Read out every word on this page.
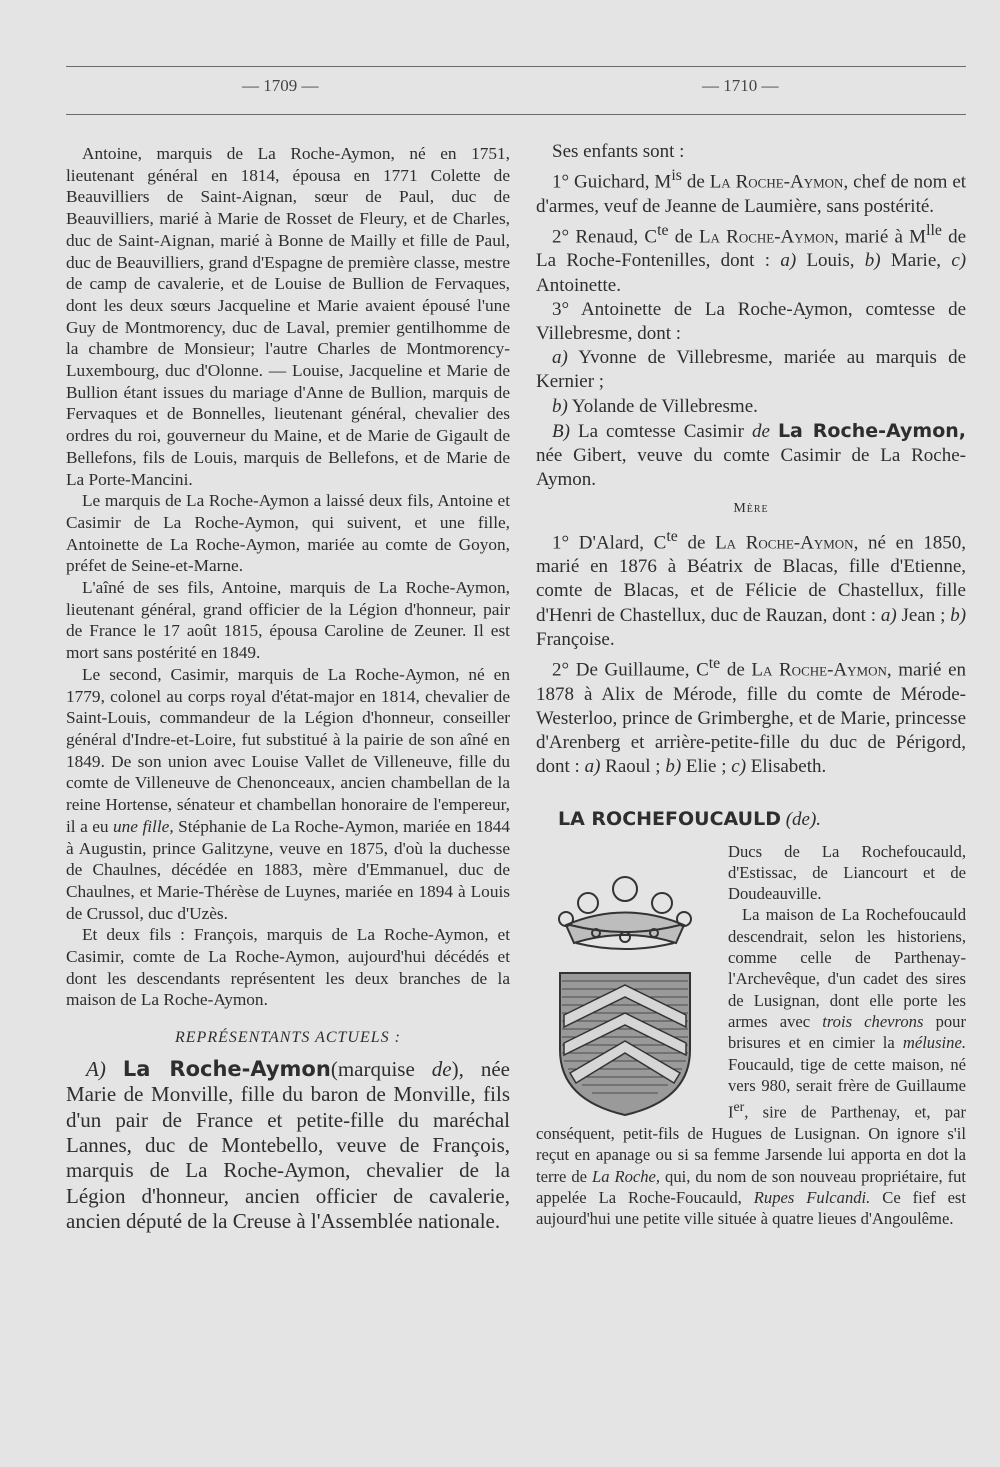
— 1709 —	— 1710 —

Antoine, marquis de La Roche-Aymon, né en 1751, lieutenant général en 1814, épousa en 1771 Colette de Beauvilliers de Saint-Aignan, sœur de Paul, duc de Beauvilliers, marié à Marie de Rosset de Fleury, et de Charles, duc de Saint-Aignan, marié à Bonne de Mailly et fille de Paul, duc de Beauvilliers, grand d'Espagne de première classe, mestre de camp de cavalerie, et de Louise de Bullion de Fervaques, dont les deux sœurs Jacqueline et Marie avaient épousé l'une Guy de Montmorency, duc de Laval, premier gentilhomme de la chambre de Monsieur; l'autre Charles de Montmorency-Luxembourg, duc d'Olonne. — Louise, Jacqueline et Marie de Bullion étant issues du mariage d'Anne de Bullion, marquis de Fervaques et de Bonnelles, lieutenant général, chevalier des ordres du roi, gouverneur du Maine, et de Marie de Gigault de Bellefons, fils de Louis, marquis de Bellefons, et de Marie de La Porte-Mancini.

Le marquis de La Roche-Aymon a laissé deux fils, Antoine et Casimir de La Roche-Aymon, qui suivent, et une fille, Antoinette de La Roche-Aymon, mariée au comte de Goyon, préfet de Seine-et-Marne.

L'aîné de ses fils, Antoine, marquis de La Roche-Aymon, lieutenant général, grand officier de la Légion d'honneur, pair de France le 17 août 1815, épousa Caroline de Zeuner. Il est mort sans postérité en 1849.

Le second, Casimir, marquis de La Roche-Aymon, né en 1779, colonel au corps royal d'état-major en 1814, chevalier de Saint-Louis, commandeur de la Légion d'honneur, conseiller général d'Indre-et-Loire, fut substitué à la pairie de son aîné en 1849. De son union avec Louise Vallet de Villeneuve, fille du comte de Villeneuve de Chenonceaux, ancien chambellan de la reine Hortense, sénateur et chambellan honoraire de l'empereur, il a eu une fille, Stéphanie de La Roche-Aymon, mariée en 1844 à Augustin, prince Galitzyne, veuve en 1875, d'où la duchesse de Chaulnes, décédée en 1883, mère d'Emmanuel, duc de Chaulnes, et Marie-Thérèse de Luynes, mariée en 1894 à Louis de Crussol, duc d'Uzès.

Et deux fils : François, marquis de La Roche-Aymon, et Casimir, comte de La Roche-Aymon, aujourd'hui décédés et dont les descendants représentent les deux branches de la maison de La Roche-Aymon.

REPRÉSENTANTS ACTUELS :

A) La Roche-Aymon(marquise de), née Marie de Monville, fille du baron de Monville, fils d'un pair de France et petite-fille du maréchal Lannes, duc de Montebello, veuve de François, marquis de La Roche-Aymon, chevalier de la Légion d'honneur, ancien officier de cavalerie, ancien député de la Creuse à l'Assemblée nationale.

Ses enfants sont :

1° Guichard, $M^{is}$ de La Roche-Aymon, chef de nom et d'armes, veuf de Jeanne de Laumière, sans postérité.

2° Renaud, $C^{te}$ de La Roche-Aymon, marié à $M^{lle}$ de La Roche-Fontenilles, dont : a) Louis, b) Marie, c) Antoinette.

3° Antoinette de La Roche-Aymon, comtesse de Villebresme, dont :

a) Yvonne de Villebresme, mariée au marquis de Kernier ;

b) Yolande de Villebresme.

B) La comtesse Casimir de La Roche-Aymon, née Gibert, veuve du comte Casimir de La Roche-Aymon.

Mère

1° D'Alard, $C^{te}$ de La Roche-Aymon, né en 1850, marié en 1876 à Béatrix de Blacas, fille d'Etienne, comte de Blacas, et de Félicie de Chastellux, fille d'Henri de Chastellux, duc de Rauzan, dont : a) Jean ; b) Françoise.

2° De Guillaume, $C^{te}$ de La Roche-Aymon, marié en 1878 à Alix de Mérode, fille du comte de Mérode-Westerloo, prince de Grimberghe, et de Marie, princesse d'Arenberg et arrière-petite-fille du duc de Périgord, dont : a) Raoul ; b) Elie ; c) Elisabeth.

LA ROCHEFOUCAULD (de).

Ducs de La Rochefoucauld, d'Estissac, de Liancourt et de Doudeauville.

La maison de La Rochefoucauld descendrait, selon les historiens, comme celle de Parthenay-l'Archevêque, d'un cadet des sires de Lusignan, dont elle porte les armes avec trois chevrons pour brisures et en cimier la mélusine. Foucauld, tige de cette maison, né vers 980, serait frère de Guillaume Ier, sire de Parthenay, et, par conséquent, petit-fils de Hugues de Lusignan. On ignore s'il reçut en apanage ou si sa femme Jarsende lui apporta en dot la terre de La Roche, qui, du nom de son nouveau propriétaire, fut appelée La Roche-Foucauld, Rupes Fulcandi. Ce fief est aujourd'hui une petite ville située à quatre lieues d'Angoulême.
